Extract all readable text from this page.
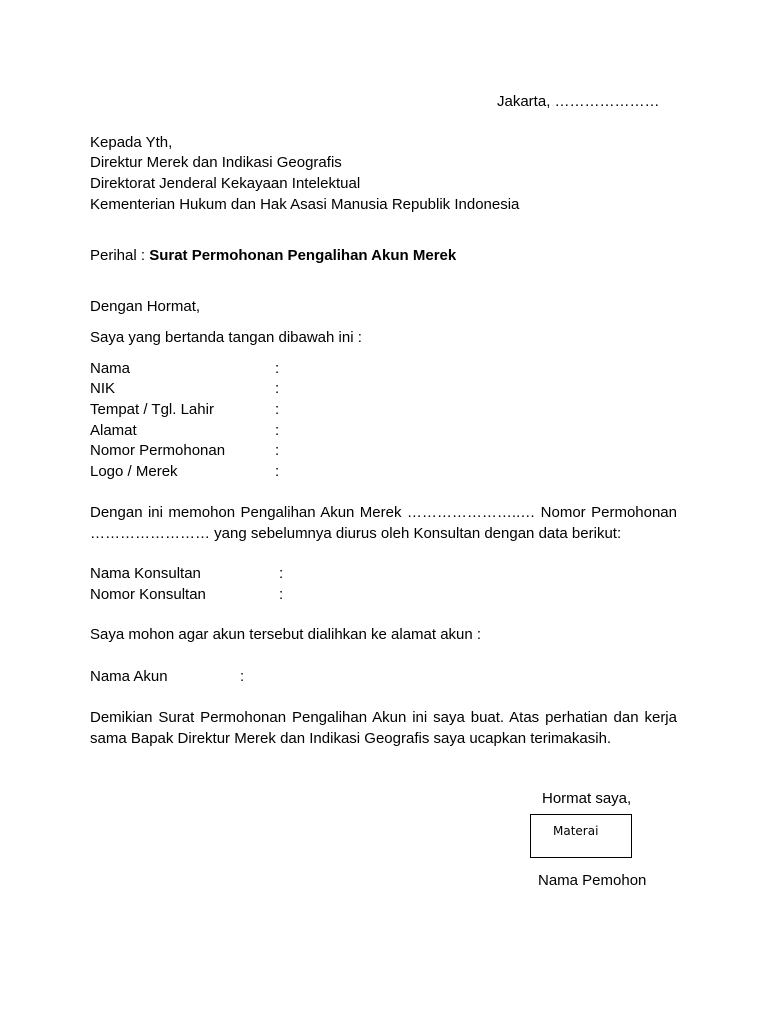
Jakarta, …………………
Kepada Yth,
Direktur Merek dan Indikasi Geografis
Direktorat Jenderal Kekayaan Intelektual
Kementerian Hukum dan Hak Asasi Manusia Republik Indonesia
Perihal : Surat Permohonan Pengalihan Akun Merek
Dengan Hormat,
Saya yang bertanda tangan dibawah ini :
Nama	:
NIK	:
Tempat / Tgl. Lahir	:
Alamat	:
Nomor Permohonan	:
Logo / Merek	:
Dengan ini memohon Pengalihan Akun Merek …………………..… Nomor Permohonan …………………… yang sebelumnya diurus oleh Konsultan dengan data berikut:
Nama Konsultan	:
Nomor Konsultan	:
Saya mohon agar akun tersebut dialihkan ke alamat akun :
Nama Akun	:
Demikian Surat Permohonan Pengalihan Akun ini saya buat. Atas perhatian dan kerja sama Bapak Direktur Merek dan Indikasi Geografis saya ucapkan terimakasih.
Hormat saya,
Materai
Nama Pemohon
